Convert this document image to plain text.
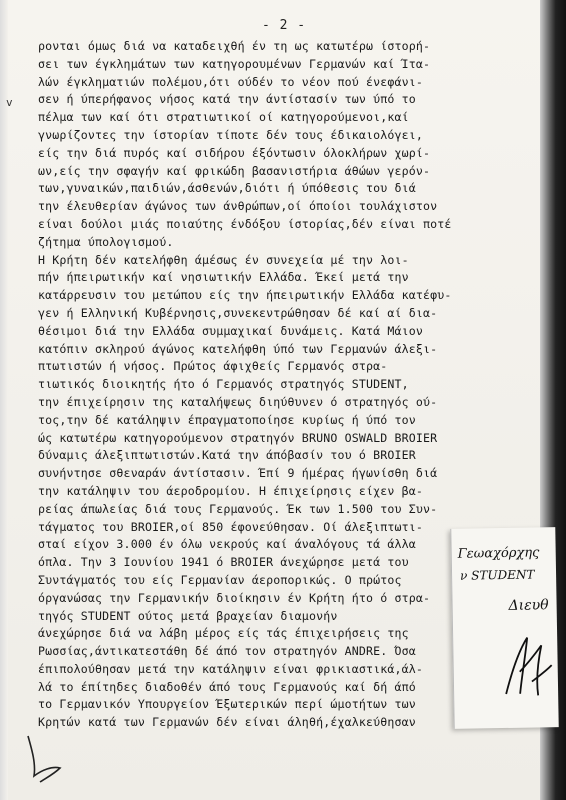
- 2 -
v
ρονται όμως διά να καταδειχθή έν τη ως κατωτέρω ίστορή-
σει των έγκλημάτων των κατηγορουμένων Γερμανών καί Ίτα-
λών έγκληματιών πολέμου,ότι ούδέν το νέον πού ένεφάνι-
σεν ή ύπερήφανος νήσος κατά την άντίστασίν των ύπό το
πέλμα των καί ότι στρατιωτικοί οί κατηγορούμενοι,καί
γνωρίζοντες την ίστορίαν τίποτε δέν τους έδικαιολόγει,
είς την διά πυρός καί σιδήρου έξόντωσιν όλοκλήρων χωρί-
ων,είς την σφαγήν καί φρικώδη βασανιστήρια άθώων γερόν-
των,γυναικών,παιδιών,άσθενών,διότι ή ύπόθεσις του διά
την έλευθερίαν άγώνος των άνθρώπων,οί όποίοι τουλάχιστον
είναι δούλοι μιάς ποιαύτης ένδόξου ίστορίας,δέν είναι ποτέ
ζήτημα ύπολογισμού.
Η Κρήτη δέν κατελήφθη άμέσως έν συνεχεία μέ την λοι-
πήν ήπειρωτικήν καί νησιωτικήν Ελλάδα. Έκεί μετά την
κατάρρευσιν του μετώπου είς την ήπειρωτικήν Ελλάδα κατέφυ-
γεν ή Ελληνική Κυβέρνησις,συνεκεντρώθησαν δέ καί αί δια-
θέσιμοι διά την Ελλάδα συμμαχικαί δυνάμεις. Κατά Μάιον
κατόπιν σκληρού άγώνος κατελήφθη ύπό των Γερμανών άλεξι-
πτωτιστών ή νήσος. Πρώτος άφιχθείς Γερμανός στρα-
τιωτικός διοικητής ήτο ό Γερμανός στρατηγός STUDENT,
την έπιχείρησιν της καταλήψεως διηύθυνεν ό στρατηγός ού-
τος,την δέ κατάληψιν έπραγματοποίησε κυρίως ή ύπό τον
ώς κατωτέρω κατηγορούμενον στρατηγόν BRUNO OSWALD BROIER
δύναμις άλεξιπτωτιστών.Κατά την άπόβασίν του ό BROIER
συνήντησε σθεναράν άντίστασιν. Έπί 9 ήμέρας ήγωνίσθη διά
την κατάληψιν του άεροδρομίου. Η έπιχείρησις είχεν βα-
ρείας άπωλείας διά τους Γερμανούς. Έκ των 1.500 του Συν-
τάγματος του BROIER,οί 850 έφονεύθησαν. Οί άλεξιπτωτι-
σταί είχον 3.000 έν όλω νεκρούς καί άναλόγους τά άλλα
όπλα. Την 3 Ιουνίου 1941 ό BROIER άνεχώρησε μετά του
Συντάγματός του είς Γερμανίαν άεροπορικώς. Ο πρώτος
όργανώσας την Γερμανικήν διοίκησιν έν Κρήτη ήτο ό στρα-
τηγός STUDENT ούτος μετά βραχείαν διαμονήν
άνεχώρησε διά να λάβη μέρος είς τάς έπιχειρήσεις της
Ρωσσίας,άντικατεστάθη δέ άπό τον στρατηγόν ANDRE. Όσα
έπιπολούθησαν μετά την κατάληψιν είναι φρικιαστικά,άλ-
λά το έπίτηδες διαδοθέν άπό τους Γερμανούς καί δή άπό
το Γερμανικόν Υπουργείον Έξωτερικών περί ώμοτήτων των
Κρητών κατά των Γερμανών δέν είναι άληθή,έχαλκεύθησαν
Γεωαχόρχης
ν STUDENT
Διευθ
